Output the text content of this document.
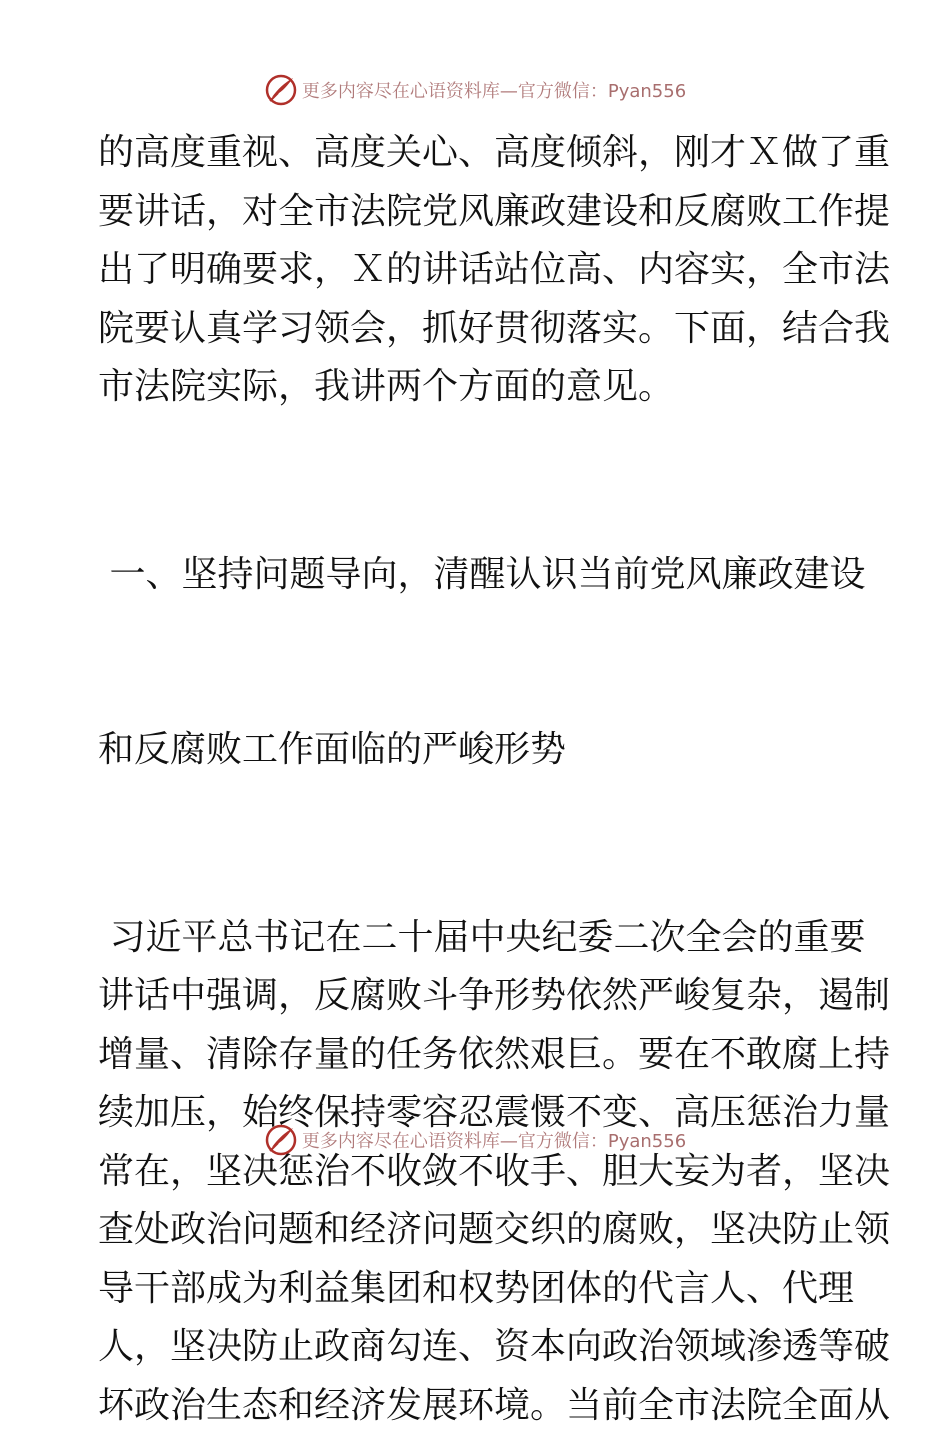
更多内容尽在心语资料库—官方微信：Pyan556
的高度重视、高度关心、高度倾斜，刚才Ｘ做了重
要讲话，对全市法院党风廉政建设和反腐败工作提
出了明确要求，Ｘ的讲话站位高、内容实，全市法
院要认真学习领会，抓好贯彻落实。下面，结合我
市法院实际，我讲两个方面的意见。

一、坚持问题导向，清醒认识当前党风廉政建设

和反腐败工作面临的严峻形势

习近平总书记在二十届中央纪委二次全会的重要
讲话中强调，反腐败斗争形势依然严峻复杂，遏制
增量、清除存量的任务依然艰巨。要在不敢腐上持
续加压，始终保持零容忍震慑不变、高压惩治力量
常在，坚决惩治不收敛不收手、胆大妄为者，坚决
查处政治问题和经济问题交织的腐败，坚决防止领
导干部成为利益集团和权势团体的代言人、代理
人，坚决防止政商勾连、资本向政治领域渗透等破
坏政治生态和经济发展环境。当前全市法院全面从
更多内容尽在心语资料库—官方微信：Pyan556
